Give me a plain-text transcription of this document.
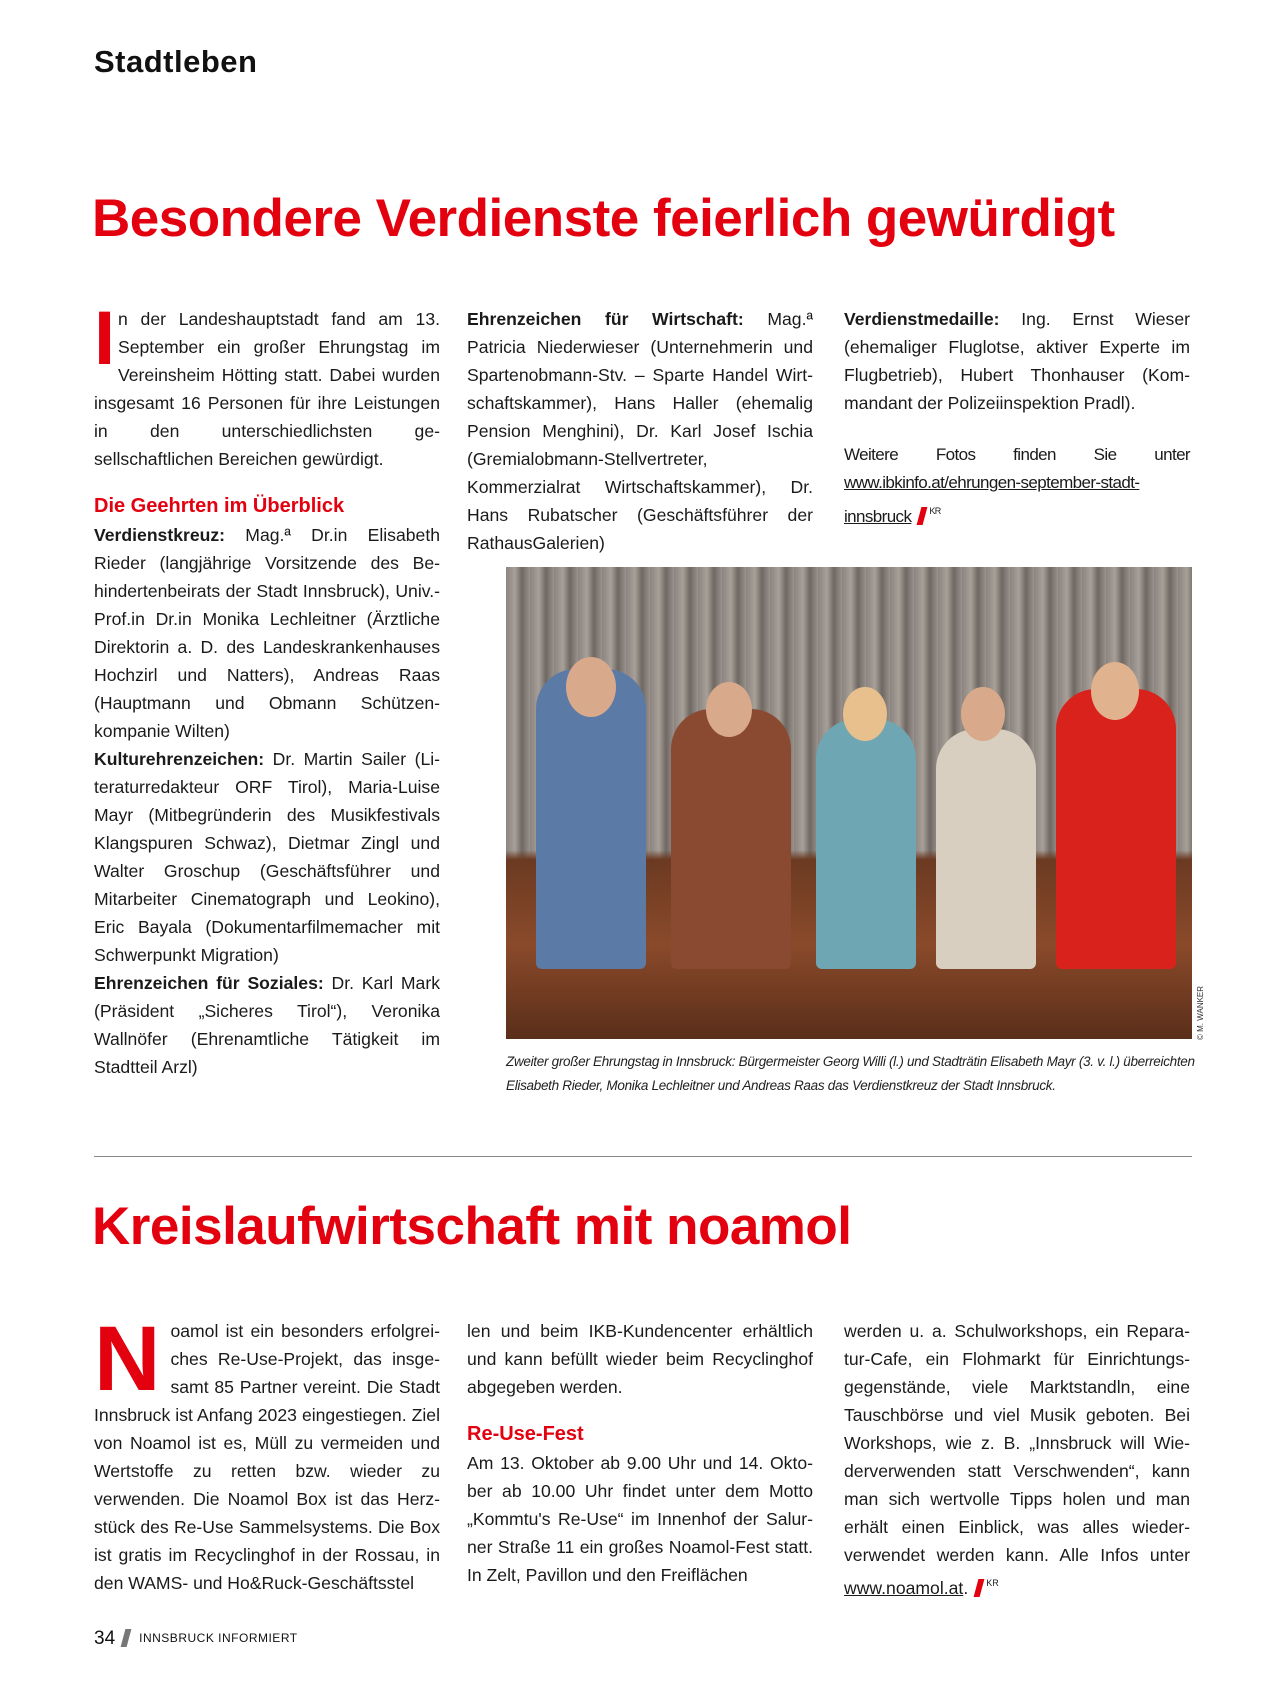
Stadtleben
Besondere Verdienste feierlich gewürdigt

In der Landeshauptstadt fand am 13. September ein großer Ehrungstag im Vereinsheim Hötting statt. Dabei wurden insgesamt 16 Personen für ihre Leistungen in den unterschiedlichsten gesellschaftlichen Bereichen gewürdigt.

Die Geehrten im Überblick

Verdienstkreuz: Mag.ª Dr.in Elisabeth Rieder (langjährige Vorsitzende des Behindertenbeirats der Stadt Innsbruck), Univ.-Prof.in Dr.in Monika Lechleitner (Ärztliche Direktorin a. D. des Landeskrankenhauses Hochzirl und Natters), Andreas Raas (Hauptmann und Obmann Schützenkompanie Wilten)

Kulturehrenzeichen: Dr. Martin Sailer (Literaturredakteur ORF Tirol), Maria-Luise Mayr (Mitbegründerin des Musikfestivals Klangspuren Schwaz), Dietmar Zingl und Walter Groschup (Geschäftsführer und Mitarbeiter Cinematograph und Leokino), Eric Bayala (Dokumentarfilmemacher mit Schwerpunkt Migration)

Ehrenzeichen für Soziales: Dr. Karl Mark (Präsident „Sicheres Tirol“), Veronika Wallnöfer (Ehrenamtliche Tätigkeit im Stadtteil Arzl)

Ehrenzeichen für Wirtschaft: Mag.ª Patricia Niederwieser (Unternehmerin und Spartenobmann-Stv. – Sparte Handel Wirtschaftskammer), Hans Haller (ehemalig Pension Menghini), Dr. Karl Josef Ischia (Gremialobmann-Stellvertreter, Kommerzialrat Wirtschaftskammer), Dr. Hans Rubatscher (Geschäftsführer der RathausGalerien)

Verdienstmedaille: Ing. Ernst Wieser (ehemaliger Fluglotse, aktiver Experte im Flugbetrieb), Hubert Thonhauser (Kommandant der Polizeiinspektion Pradl).

Weitere Fotos finden Sie unter www.ibkinfo.at/ehrungen-september-stadt-innsbruck $^{KR}$

© M. WANKER
Zweiter großer Ehrungstag in Innsbruck: Bürgermeister Georg Willi (l.) und Stadträtin Elisabeth Mayr (3. v. l.) überreichten Elisabeth Rieder, Monika Lechleitner und Andreas Raas das Verdienstkreuz der Stadt Innsbruck.
Kreislaufwirtschaft mit noamol

Noamol ist ein besonders erfolgreiches Re-Use-Projekt, das insgesamt 85 Partner vereint. Die Stadt Innsbruck ist Anfang 2023 eingestiegen. Ziel von Noamol ist es, Müll zu vermeiden und Wertstoffe zu retten bzw. wieder zu verwenden. Die Noamol Box ist das Herzstück des Re-Use Sammelsystems. Die Box ist gratis im Recyclinghof in der Rossau, in den WAMS- und Ho&Ruck-Geschäftsstel

len und beim IKB-Kundencenter erhältlich und kann befüllt wieder beim Recyclinghof abgegeben werden.

Re-Use-Fest

Am 13. Oktober ab 9.00 Uhr und 14. Oktober ab 10.00 Uhr findet unter dem Motto „Kommtu's Re-Use“ im Innenhof der Salurner Straße 11 ein großes Noamol-Fest statt. In Zelt, Pavillon und den Freiflächen

werden u. a. Schulworkshops, ein Reparatur-Cafe, ein Flohmarkt für Einrichtungsgegenstände, viele Marktstandln, eine Tauschbörse und viel Musik geboten. Bei Workshops, wie z. B. „Innsbruck will Wiederverwenden statt Verschwenden“, kann man sich wertvolle Tipps holen und man erhält einen Einblick, was alles wiederverwendet werden kann. Alle Infos unter www.noamol.at. $^{KR}$

34 INNSBRUCK INFORMIERT
